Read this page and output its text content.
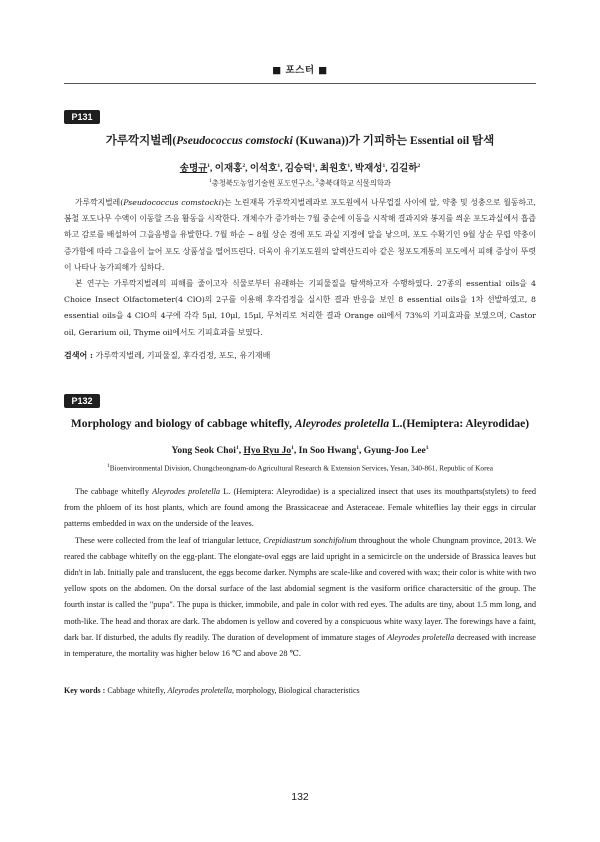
■ 포스터 ■
P131
가루깍지벌레(Pseudococcus comstocki (Kuwana))가 기피하는 Essential oil 탐색
송명규$^1$, 이재홍$^2$, 이석호$^1$, 김승덕$^1$, 최원호$^1$, 박재성$^1$, 김길하$^2$
$^1$충청북도농업기술원 포도연구소, $^2$충북대학교 식물의학과

가루깍지벌레(Pseudococcus comstocki)는 노린재목 가루깍지벌레과로 포도원에서 나무껍질 사이에 알, 약충 및 성충으로 월동하고, 봄철 포도나무 수액이 이동할 즈음 활동을 시작한다. 개체수가 증가하는 7월 중순에 이동을 시작해 결과지와 봉지를 씌운 포도과실에서 흡즙하고 감로를 배설하여 그을음병을 유발한다. 7월 하순 ~ 8월 상순 경에 포도 과실 지경에 알을 낳으며, 포도 수확기인 9월 상순 무렵 약충이 증가함에 따라 그을음이 늘어 포도 상품성을 떨어뜨린다. 더욱이 유기포도원의 알렉산드리아 같은 청포도계통의 포도에서 피해 증상이 뚜렷이 나타나 농가피해가 심하다.

본 연구는 가루깍지벌레의 피해를 줄이고자 식물로부터 유래하는 기피물질을 탐색하고자 수행하였다. 27종의 essential oils을 4 Choice Insect Olfactometer(4 ClO)의 2구를 이용해 후각검정을 실시한 결과 반응을 보인 8 essential oils을 1차 선발하였고, 8 essential oils을 4 ClO의 4구에 각각 5μl, 10μl, 15μl, 무처리로 처리한 결과 Orange oil에서 73%의 기피효과를 보였으며, Castor oil, Gerarium oil, Thyme oil에서도 기피효과를 보였다.

검색어 : 가루깍지벌레, 기피물질, 후각검정, 포도, 유기재배
P132
Morphology and biology of cabbage whitefly, Aleyrodes proletella L.(Hemiptera: Aleyrodidae)
Yong Seok Choi$^1$, Hyo Ryu Jo$^1$, In Soo Hwang$^1$, Gyung-Joo Lee$^1$
$^1$Bioenvironmental Division, Chungcheongnam-do Agricultural Research & Extension Services, Yesan, 340-861, Republic of Korea

The cabbage whitefly Aleyrodes proletella L. (Hemiptera: Aleyrodidae) is a specialized insect that uses its mouthparts(stylets) to feed from the phloem of its host plants, which are found among the Brassicaceae and Asteraceae. Female whiteflies lay their eggs in circular patterns embedded in wax on the underside of the leaves.

These were collected from the leaf of triangular lettuce, Crepidiastrum sonchifolium throughout the whole Chungnam province, 2013. We reared the cabbage whitefly on the egg-plant. The elongate-oval eggs are laid upright in a semicircle on the underside of Brassica leaves but didn't in lab. Initially pale and translucent, the eggs become darker. Nymphs are scale-like and covered with wax; their color is white with two yellow spots on the abdomen. On the dorsal surface of the last abdomial segment is the vasiform orifice charactersitic of the group. The fourth instar is called the "pupa". The pupa is thicker, immobile, and pale in color with red eyes. The adults are tiny, about 1.5 mm long, and moth-like. The head and thorax are dark. The abdomen is yellow and covered by a conspicuous white waxy layer. The forewings have a faint, dark bar. If disturbed, the adults fly readily. The duration of development of immature stages of Aleyrodes proletella decreased with increase in temperature, the mortality was higher below 16 ℃ and above 28 ℃.

Key words : Cabbage whitefly, Aleyrodes proletella, morphology, Biological characteristics
132
